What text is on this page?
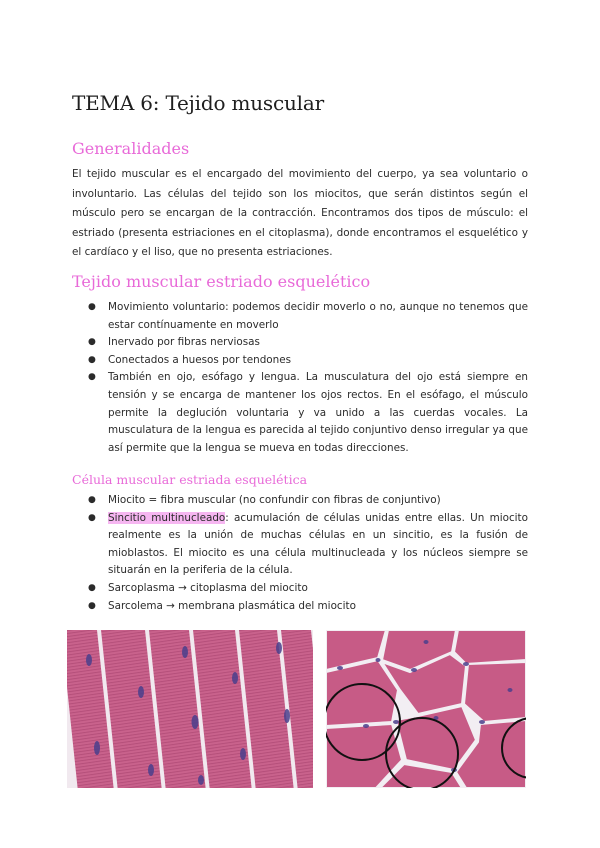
TEMA 6: Tejido muscular
Generalidades

El tejido muscular es el encargado del movimiento del cuerpo, ya sea voluntario o involuntario. Las células del tejido son los miocitos, que serán distintos según el músculo pero se encargan de la contracción. Encontramos dos tipos de músculo: el estriado (presenta estriaciones en el citoplasma), donde encontramos el esquelético y el cardíaco y el liso, que no presenta estriaciones.

Tejido muscular estriado esquelético
● Movimiento voluntario: podemos decidir moverlo o no, aunque no tenemos que estar contínuamente en moverlo
● Inervado por fibras nerviosas
● Conectados a huesos por tendones
● También en ojo, esófago y lengua. La musculatura del ojo está siempre en tensión y se encarga de mantener los ojos rectos. En el esófago, el músculo permite la deglución voluntaria y va unido a las cuerdas vocales. La musculatura de la lengua es parecida al tejido conjuntivo denso irregular ya que así permite que la lengua se mueva en todas direcciones.
Célula muscular estriada esquelética
● Miocito = fibra muscular (no confundir con fibras de conjuntivo)
● Sincitio multinucleado: acumulación de células unidas entre ellas. Un miocito realmente es la unión de muchas células en un sincitio, es la fusión de mioblastos. El miocito es una célula multinucleada y los núcleos siempre se situarán en la periferia de la célula.
● Sarcoplasma → citoplasma del miocito
● Sarcolema → membrana plasmática del miocito
